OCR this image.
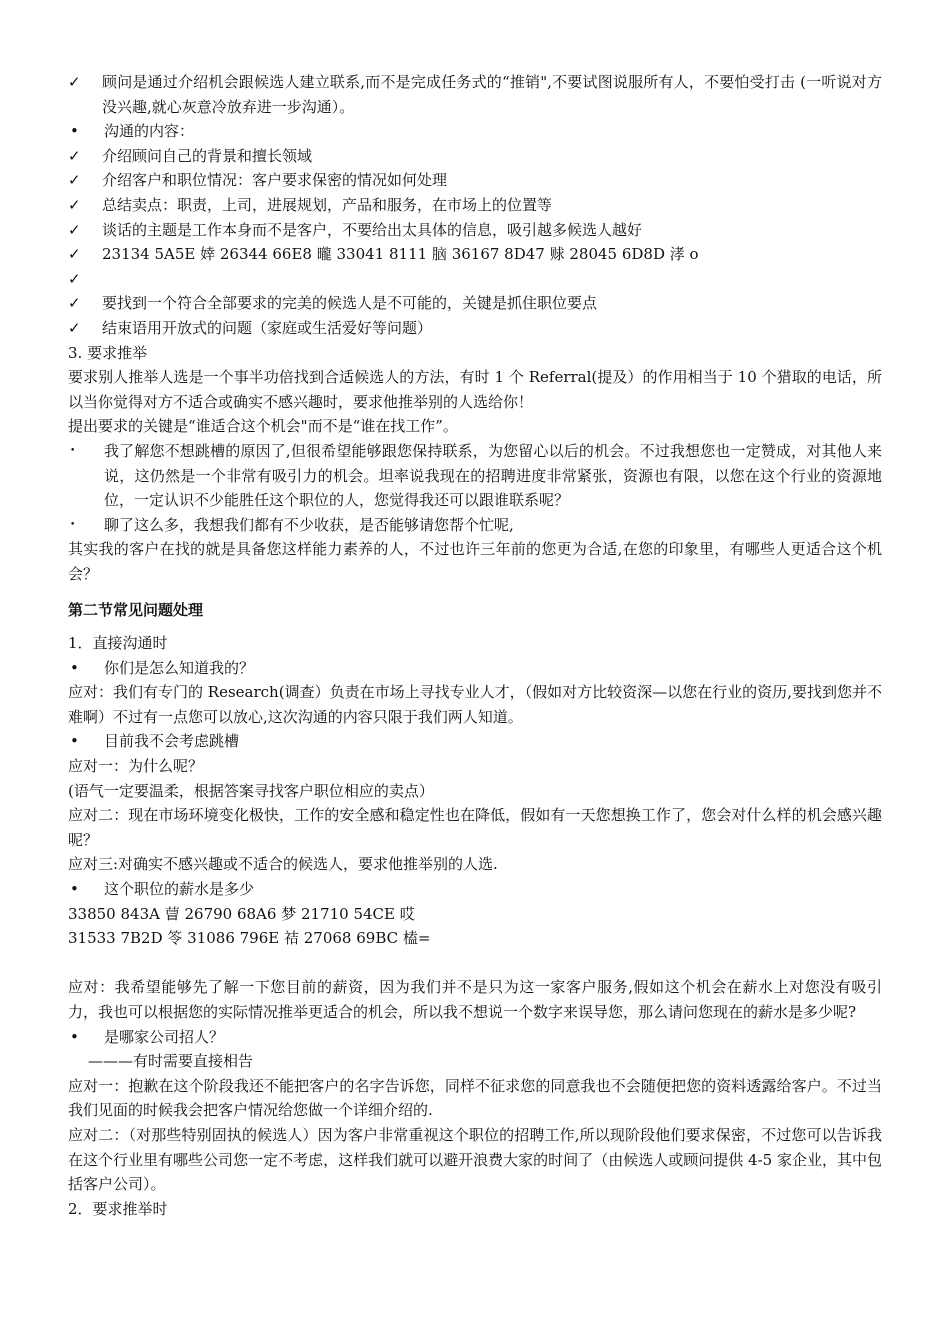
✓	顾问是通过介绍机会跟候选人建立联系,而不是完成任务式的“推销",不要试图说服所有人，不要怕受打击 (一听说对方没兴趣,就心灰意冷放弃进一步沟通）。
•	沟通的内容：
✓	介绍顾问自己的背景和擅长领域
✓	介绍客户和职位情况：客户要求保密的情况如何处理
✓	总结卖点：职责，上司，进展规划，产品和服务，在市场上的位置等
✓	谈话的主题是工作本身而不是客户，不要给出太具体的信息，吸引越多候选人越好
✓	23134 5A5E 婞 26344 66E8 曨 33041 8111 脑 36167 8D47 赇 28045 6D8D 涍 o
✓

✓	要找到一个符合全部要求的完美的候选人是不可能的，关键是抓住职位要点
✓	结束语用开放式的问题（家庭或生活爱好等问题）
3. 要求推举
要求别人推举人选是一个事半功倍找到合适候选人的方法，有时 1 个 Referral(提及）的作用相当于 10 个猎取的电话，所以当你觉得对方不适合或确实不感兴趣时，要求他推举别的人选给你！
提出要求的关键是“谁适合这个机会"而不是“谁在找工作”。
•	我了解您不想跳槽的原因了,但很希望能够跟您保持联系，为您留心以后的机会。不过我想您也一定赞成，对其他人来说，这仍然是一个非常有吸引力的机会。坦率说我现在的招聘进度非常紧张，资源也有限，以您在这个行业的资源地位，一定认识不少能胜任这个职位的人，您觉得我还可以跟谁联系呢？
•	聊了这么多，我想我们都有不少收获，是否能够请您帮个忙呢,
其实我的客户在找的就是具备您这样能力素养的人，不过也许三年前的您更为合适,在您的印象里，有哪些人更适合这个机会？
第二节常见问题处理
1．直接沟通时
•	你们是怎么知道我的？
应对：我们有专门的 Research(调查）负责在市场上寻找专业人才，（假如对方比较资深—以您在行业的资历,要找到您并不难啊）不过有一点您可以放心,这次沟通的内容只限于我们两人知道。
•	目前我不会考虑跳槽
应对一：为什么呢？
(语气一定要温柔，根据答案寻找客户职位相应的卖点）
应对二：现在市场环境变化极快，工作的安全感和稳定性也在降低，假如有一天您想换工作了，您会对什么样的机会感兴趣呢？
应对三:对确实不感兴趣或不适合的候选人，要求他推举别的人选.
•	这个职位的薪水是多少
33850 843A 萺 26790 68A6 梦 21710 54CE 哎
31533 7B2D 笭 31086 796E 祮 27068 69BC 榼=
应对：我希望能够先了解一下您目前的薪资，因为我们并不是只为这一家客户服务,假如这个机会在薪水上对您没有吸引力，我也可以根据您的实际情况推举更适合的机会，所以我不想说一个数字来误导您，那么请问您现在的薪水是多少呢?
•	是哪家公司招人？
———有时需要直接相告
应对一：抱歉在这个阶段我还不能把客户的名字告诉您，同样不征求您的同意我也不会随便把您的资料透露给客户。不过当我们见面的时候我会把客户情况给您做一个详细介绍的.
应对二：（对那些特别固执的候选人）因为客户非常重视这个职位的招聘工作,所以现阶段他们要求保密，不过您可以告诉我在这个行业里有哪些公司您一定不考虑，这样我们就可以避开浪费大家的时间了（由候选人或顾问提供 4-5 家企业，其中包括客户公司）。
2．要求推举时
